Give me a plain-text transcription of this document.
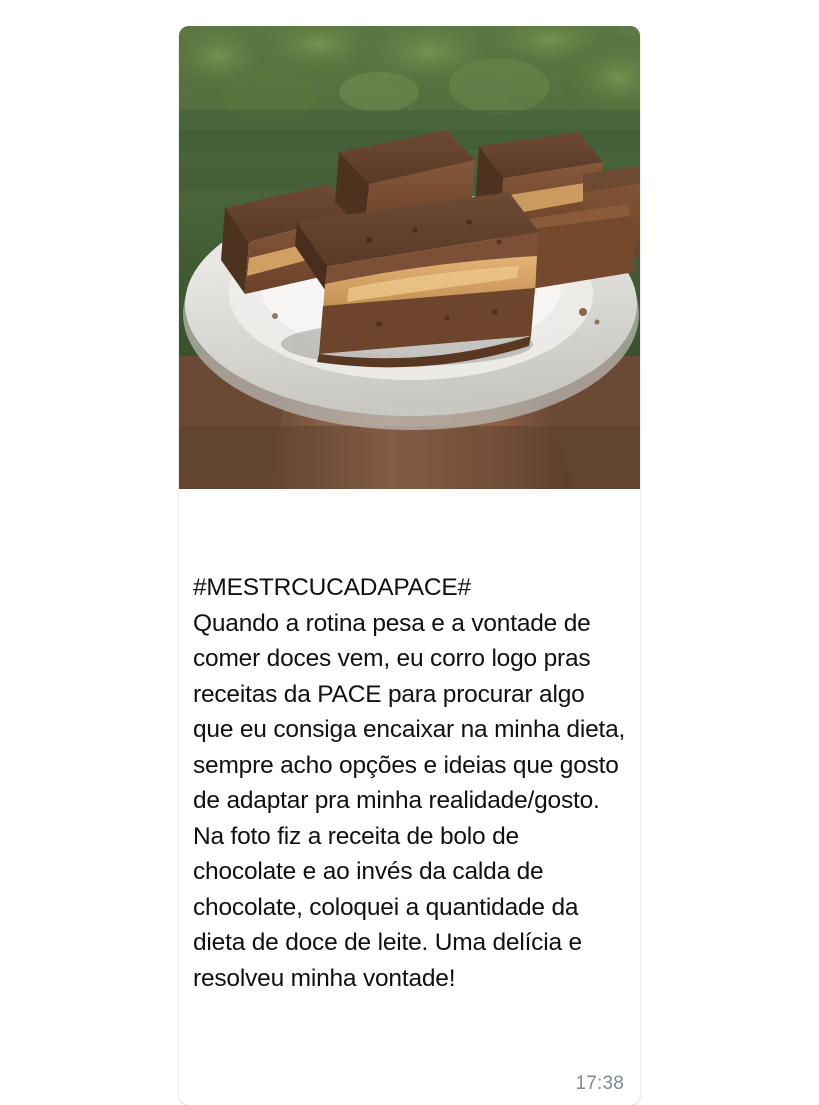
#MESTRCUCADAPACE#
Quando a rotina pesa e a vontade de comer doces vem, eu corro logo pras receitas da PACE para procurar algo que eu consiga encaixar na minha dieta, sempre acho opções e ideias que gosto de adaptar pra minha realidade/gosto. Na foto fiz a receita de bolo de chocolate e ao invés da calda de chocolate, coloquei a quantidade da dieta de doce de leite. Uma delícia e resolveu minha vontade!

17:38
